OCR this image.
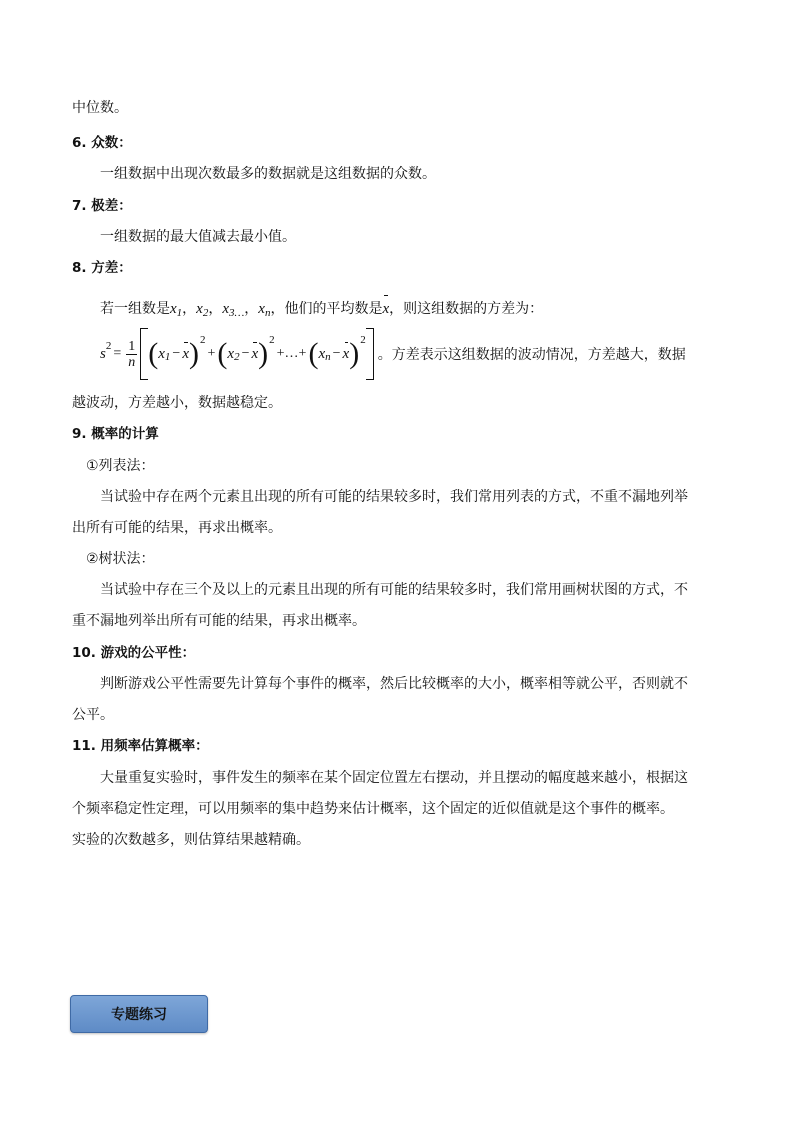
中位数。
6. 众数：
一组数据中出现次数最多的数据就是这组数据的众数。
7. 极差：
一组数据的最大值减去最小值。
8. 方差：
若一组数是$x_1$，$x_2$，$x_{3\dots}$，$x_n$，他们的平均数是x，则这组数据的方差为：
s $2 = \frac{1}{n}$ ( x 1 − x ) 2
+ ( x 2 − x ) 2
+…+ ( x n − x ) 2
。方差表示这组数据的波动情况，方差越大，数据
越波动，方差越小，数据越稳定。
9. 概率的计算
①列表法：
当试验中存在两个元素且出现的所有可能的结果较多时，我们常用列表的方式，不重不漏地列举
出所有可能的结果，再求出概率。
②树状法：
当试验中存在三个及以上的元素且出现的所有可能的结果较多时，我们常用画树状图的方式，不
重不漏地列举出所有可能的结果，再求出概率。
10. 游戏的公平性：
判断游戏公平性需要先计算每个事件的概率，然后比较概率的大小，概率相等就公平，否则就不
公平。
11. 用频率估算概率：
大量重复实验时，事件发生的频率在某个固定位置左右摆动，并且摆动的幅度越来越小，根据这
个频率稳定性定理，可以用频率的集中趋势来估计概率，这个固定的近似值就是这个事件的概率。
实验的次数越多，则估算结果越精确。
专题练习
